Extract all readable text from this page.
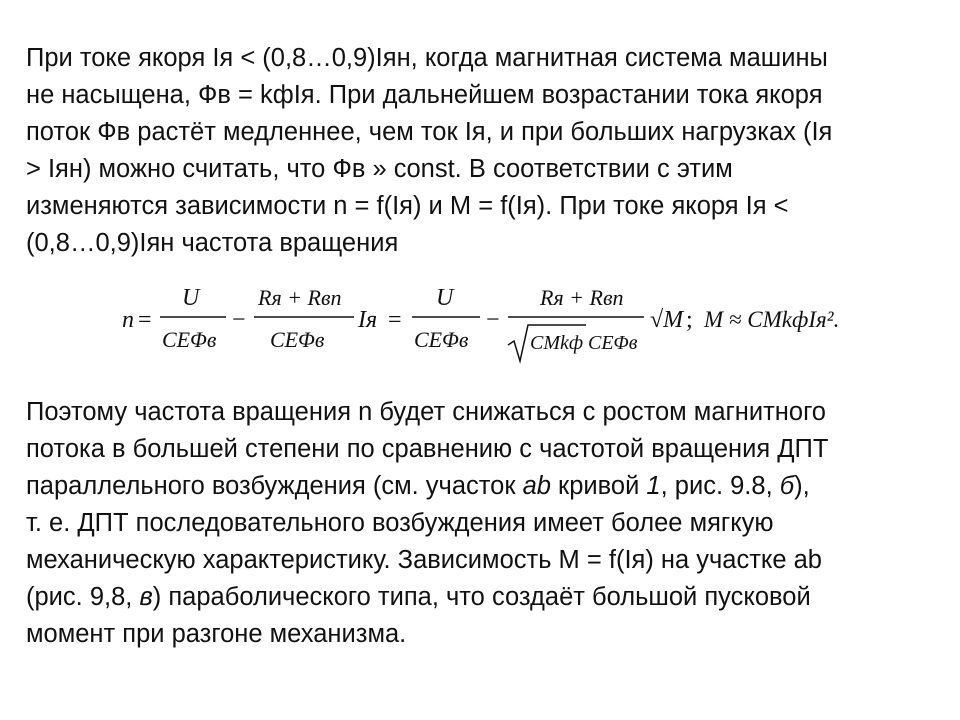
При токе якоря Iя < (0,8…0,9)Iян, когда магнитная система машины
не насыщена, Фв = kфIя. При дальнейшем возрастании тока якоря
поток Фв растёт медленнее, чем ток Iя, и при больших нагрузках (Iя
> Iян) можно считать, что Фв » const. В соответствии с этим
изменяются зависимости n = f(Iя) и M = f(Iя). При токе якоря Iя <
(0,8…0,9)Iян частота вращения

n =
U
CEΦв
−
Rя + Rвп
CEΦв
Iя =
U
CEΦв
−
Rя + Rвп
CMkф CEΦв
√M ; M ≈ CMkфIя².

Поэтому частота вращения n будет снижаться с ростом магнитного
потока в большей степени по сравнению с частотой вращения ДПТ
параллельного возбуждения (см. участок ab кривой 1, рис. 9.8, б),
т. е. ДПТ последовательного возбуждения имеет более мягкую
механическую характеристику. Зависимость M = f(Iя) на участке ab
(рис. 9,8, в) параболического типа, что создаёт большой пусковой
момент при разгоне механизма.
